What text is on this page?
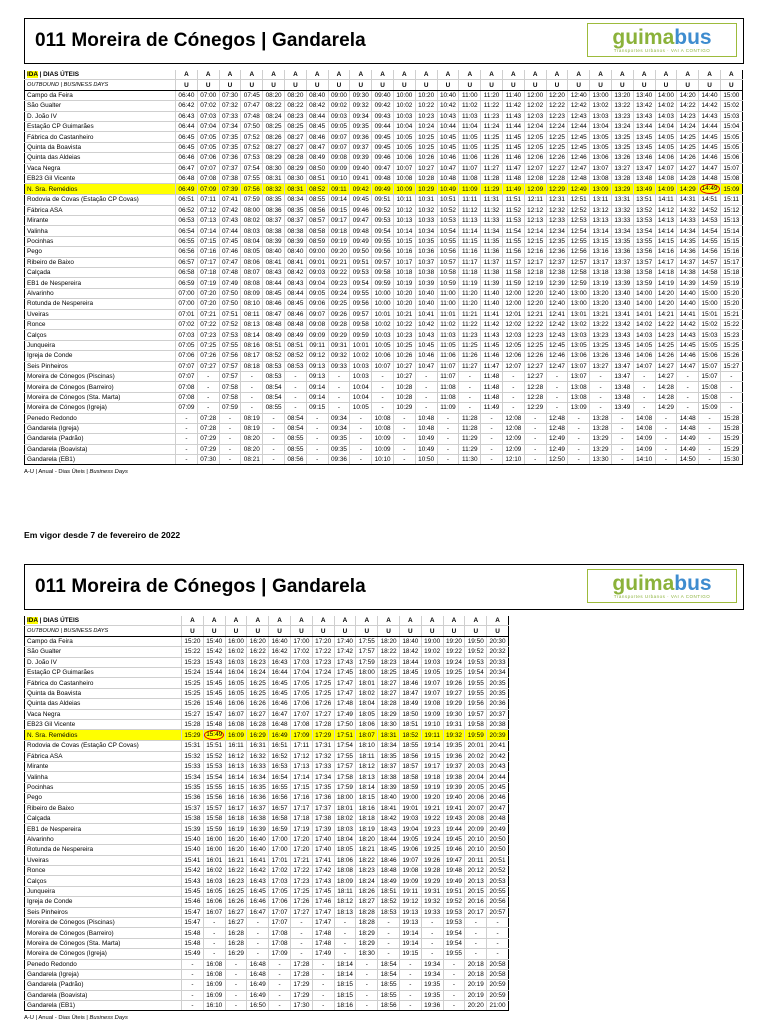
011 Moreira de Cónegos | Gandarela	guimabus
Transportes Urbanos · VAI A CONTIGO
IDA | DIAS ÚTEIS	A	A	A	A	A	A	A	A	A	A	A	A	A	A	A	A	A	A	A	A	A	A	A	A	A	A
OUTBOUND | BUSINESS DAYS	U	U	U	U	U	U	U	U	U	U	U	U	U	U	U	U	U	U	U	U	U	U	U	U	U	U
Campo da Feira	06:40	07:00	07:30	07:45	08:20	08:20	08:40	09:00	09:30	09:40	10:00	10:20	10:40	11:00	11:20	11:40	12:00	12:20	12:40	13:00	13:20	13:40	14:00	14:20	14:40	15:00
São Gualter	06:42	07:02	07:32	07:47	08:22	08:22	08:42	09:02	09:32	09:42	10:02	10:22	10:42	11:02	11:22	11:42	12:02	12:22	12:42	13:02	13:22	13:42	14:02	14:22	14:42	15:02
D. João IV	06:43	07:03	07:33	07:48	08:24	08:23	08:44	09:03	09:34	09:43	10:03	10:23	10:43	11:03	11:23	11:43	12:03	12:23	12:43	13:03	13:23	13:43	14:03	14:23	14:43	15:03
Estação CP Guimarães	06:44	07:04	07:34	07:50	08:25	08:25	08:45	09:05	09:35	09:44	10:04	10:24	10:44	11:04	11:24	11:44	12:04	12:24	12:44	13:04	13:24	13:44	14:04	14:24	14:44	15:04
Fábrica do Castanheiro	06:45	07:05	07:35	07:52	08:26	08:27	08:46	09:07	09:36	09:45	10:05	10:25	10:45	11:05	11:25	11:45	12:05	12:25	12:45	13:05	13:25	13:45	14:05	14:25	14:45	15:05
Quinta da Boavista	06:45	07:05	07:35	07:52	08:27	08:27	08:47	09:07	09:37	09:45	10:05	10:25	10:45	11:05	11:25	11:45	12:05	12:25	12:45	13:05	13:25	13:45	14:05	14:25	14:45	15:05
Quinta das Aldeias	06:46	07:06	07:36	07:53	08:29	08:28	08:49	09:08	09:39	09:46	10:06	10:26	10:46	11:06	11:26	11:46	12:06	12:26	12:46	13:06	13:26	13:46	14:06	14:26	14:46	15:06
Vaca Negra	06:47	07:07	07:37	07:54	08:30	08:29	08:50	09:09	09:40	09:47	10:07	10:27	10:47	11:07	11:27	11:47	12:07	12:27	12:47	13:07	13:27	13:47	14:07	14:27	14:47	15:07
EB23 Gil Vicente	06:48	07:08	07:38	07:55	08:31	08:30	08:51	09:10	09:41	09:48	10:08	10:28	10:48	11:08	11:28	11:48	12:08	12:28	12:48	13:08	13:28	13:48	14:08	14:28	14:48	15:08
N. Sra. Remédios	06:49	07:09	07:39	07:56	08:32	08:31	08:52	09:11	09:42	09:49	10:09	10:29	10:49	11:09	11:29	11:49	12:09	12:29	12:49	13:09	13:29	13:49	14:09	14:29	14:49	15:09
Rodovia de Covas (Estação CP Covas)	06:51	07:11	07:41	07:59	08:35	08:34	08:55	09:14	09:45	09:51	10:11	10:31	10:51	11:11	11:31	11:51	12:11	12:31	12:51	13:11	13:31	13:51	14:11	14:31	14:51	15:11
Fábrica ASA	06:52	07:12	07:42	08:00	08:36	08:35	08:56	09:15	09:46	09:52	10:12	10:32	10:52	11:12	11:32	11:52	12:12	12:32	12:52	13:12	13:32	13:52	14:12	14:32	14:52	15:12
Mirante	06:53	07:13	07:43	08:02	08:37	08:37	08:57	09:17	09:47	09:53	10:13	10:33	10:53	11:13	11:33	11:53	12:13	12:33	12:53	13:13	13:33	13:53	14:13	14:33	14:53	15:13
Valinha	06:54	07:14	07:44	08:03	08:38	08:38	08:58	09:18	09:48	09:54	10:14	10:34	10:54	11:14	11:34	11:54	12:14	12:34	12:54	13:14	13:34	13:54	14:14	14:34	14:54	15:14
Pocinhas	06:55	07:15	07:45	08:04	08:39	08:39	08:59	09:19	09:49	09:55	10:15	10:35	10:55	11:15	11:35	11:55	12:15	12:35	12:55	13:15	13:35	13:55	14:15	14:35	14:55	15:15
Pego	06:56	07:16	07:46	08:05	08:40	08:40	09:00	09:20	09:50	09:56	10:16	10:36	10:56	11:16	11:36	11:56	12:16	12:36	12:56	13:16	13:36	13:56	14:16	14:36	14:56	15:16
Ribeiro de Baixo	06:57	07:17	07:47	08:06	08:41	08:41	09:01	09:21	09:51	09:57	10:17	10:37	10:57	11:17	11:37	11:57	12:17	12:37	12:57	13:17	13:37	13:57	14:17	14:37	14:57	15:17
Calçada	06:58	07:18	07:48	08:07	08:43	08:42	09:03	09:22	09:53	09:58	10:18	10:38	10:58	11:18	11:38	11:58	12:18	12:38	12:58	13:18	13:38	13:58	14:18	14:38	14:58	15:18
EB1 de Nespereira	06:59	07:19	07:49	08:08	08:44	08:43	09:04	09:23	09:54	09:59	10:19	10:39	10:59	11:19	11:39	11:59	12:19	12:39	12:59	13:19	13:39	13:59	14:19	14:39	14:59	15:19
Alvarinho	07:00	07:20	07:50	08:09	08:45	08:44	09:05	09:24	09:55	10:00	10:20	10:40	11:00	11:20	11:40	12:00	12:20	12:40	13:00	13:20	13:40	14:00	14:20	14:40	15:00	15:20
Rotunda de Nespereira	07:00	07:20	07:50	08:10	08:46	08:45	09:06	09:25	09:56	10:00	10:20	10:40	11:00	11:20	11:40	12:00	12:20	12:40	13:00	13:20	13:40	14:00	14:20	14:40	15:00	15:20
Uveiras	07:01	07:21	07:51	08:11	08:47	08:46	09:07	09:26	09:57	10:01	10:21	10:41	11:01	11:21	11:41	12:01	12:21	12:41	13:01	13:21	13:41	14:01	14:21	14:41	15:01	15:21
Ronce	07:02	07:22	07:52	08:13	08:48	08:48	09:08	09:28	09:58	10:02	10:22	10:42	11:02	11:22	11:42	12:02	12:22	12:42	13:02	13:22	13:42	14:02	14:22	14:42	15:02	15:22
Calços	07:03	07:23	07:53	08:14	08:49	08:49	09:09	09:29	09:59	10:03	10:23	10:43	11:03	11:23	11:43	12:03	12:23	12:43	13:03	13:23	13:43	14:03	14:23	14:43	15:03	15:23
Junqueira	07:05	07:25	07:55	08:16	08:51	08:51	09:11	09:31	10:01	10:05	10:25	10:45	11:05	11:25	11:45	12:05	12:25	12:45	13:05	13:25	13:45	14:05	14:25	14:45	15:05	15:25
Igreja de Conde	07:06	07:26	07:56	08:17	08:52	08:52	09:12	09:32	10:02	10:06	10:26	10:46	11:06	11:26	11:46	12:06	12:26	12:46	13:06	13:26	13:46	14:06	14:26	14:46	15:06	15:26
Seis Pinheiros	07:07	07:27	07:57	08:18	08:53	08:53	09:13	09:33	10:03	10:07	10:27	10:47	11:07	11:27	11:47	12:07	12:27	12:47	13:07	13:27	13:47	14:07	14:27	14:47	15:07	15:27
Moreira de Cónegos (Piscinas)	07:07	-	07:57	-	08:53	-	09:13	-	10:03	-	10:27	-	11:07	-	11:48	-	12:27	-	13:07	-	13:47	-	14:27	-	15:07	-
Moreira de Cónegos (Barreiro)	07:08	-	07:58	-	08:54	-	09:14	-	10:04	-	10:28	-	11:08	-	11:48	-	12:28	-	13:08	-	13:48	-	14:28	-	15:08	-
Moreira de Cónegos (Sta. Marta)	07:08	-	07:58	-	08:54	-	09:14	-	10:04	-	10:28	-	11:08	-	11:48	-	12:28	-	13:08	-	13:48	-	14:28	-	15:08	-
Moreira de Cónegos (Igreja)	07:09	-	07:59	-	08:55	-	09:15	-	10:05	-	10:29	-	11:09	-	11:49	-	12:29	-	13:09	-	13:49	-	14:29	-	15:09	-
Penedo Redondo	-	07:28	-	08:19	-	08:54	-	09:34	-	10:08	-	10:48	-	11:28	-	12:08	-	12:48	-	13:28	-	14:08	-	14:48	-	15:28
Gandarela (Igreja)	-	07:28	-	08:19	-	08:54	-	09:34	-	10:08	-	10:48	-	11:28	-	12:08	-	12:48	-	13:28	-	14:08	-	14:48	-	15:28
Gandarela (Padrão)	-	07:29	-	08:20	-	08:55	-	09:35	-	10:09	-	10:49	-	11:29	-	12:09	-	12:49	-	13:29	-	14:09	-	14:49	-	15:29
Gandarela (Boavista)	-	07:29	-	08:20	-	08:55	-	09:35	-	10:09	-	10:49	-	11:29	-	12:09	-	12:49	-	13:29	-	14:09	-	14:49	-	15:29
Gandarela (EB1)	-	07:30	-	08:21	-	08:56	-	09:36	-	10:10	-	10:50	-	11:30	-	12:10	-	12:50	-	13:30	-	14:10	-	14:50	-	15:30
A-U | Anual - Dias Úteis | Business Days
Em vigor desde 7 de fevereiro de 2022
011 Moreira de Cónegos | Gandarela	guimabus
Transportes Urbanos · VAI A CONTIGO
IDA | DIAS ÚTEIS	A	A	A	A	A	A	A	A	A	A	A	A	A	A	A
OUTBOUND | BUSINESS DAYS	U	U	U	U	U	U	U	U	U	U	U	U	U	U	U
Campo da Feira	15:20	15:40	16:00	16:20	16:40	17:00	17:20	17:40	17:55	18:20	18:40	19:00	19:20	19:50	20:30
São Gualter	15:22	15:42	16:02	16:22	16:42	17:02	17:22	17:42	17:57	18:22	18:42	19:02	19:22	19:52	20:32
D. João IV	15:23	15:43	16:03	16:23	16:43	17:03	17:23	17:43	17:59	18:23	18:44	19:03	19:24	19:53	20:33
Estação CP Guimarães	15:24	15:44	16:04	16:24	16:44	17:04	17:24	17:45	18:00	18:25	18:45	19:05	19:25	19:54	20:34
Fábrica do Castanheiro	15:25	15:45	16:05	16:25	16:45	17:05	17:25	17:47	18:01	18:27	18:46	19:07	19:26	19:55	20:35
Quinta da Boavista	15:25	15:45	16:05	16:25	16:45	17:05	17:25	17:47	18:02	18:27	18:47	19:07	19:27	19:55	20:35
Quinta das Aldeias	15:26	15:46	16:06	16:26	16:46	17:06	17:26	17:48	18:04	18:28	18:49	19:08	19:29	19:56	20:36
Vaca Negra	15:27	15:47	16:07	16:27	16:47	17:07	17:27	17:49	18:05	18:29	18:50	19:09	19:30	19:57	20:37
EB23 Gil Vicente	15:28	15:48	16:08	16:28	16:48	17:08	17:28	17:50	18:06	18:30	18:51	19:10	19:31	19:58	20:38
N. Sra. Remédios	15:29	15:49	16:09	16:29	16:49	17:09	17:29	17:51	18:07	18:31	18:52	19:11	19:32	19:59	20:39
Rodovia de Covas (Estação CP Covas)	15:31	15:51	16:11	16:31	16:51	17:11	17:31	17:54	18:10	18:34	18:55	19:14	19:35	20:01	20:41
Fábrica ASA	15:32	15:52	16:12	16:32	16:52	17:12	17:32	17:55	18:11	18:35	18:56	19:15	19:36	20:02	20:42
Mirante	15:33	15:53	16:13	16:33	16:53	17:13	17:33	17:57	18:12	18:37	18:57	19:17	19:37	20:03	20:43
Valinha	15:34	15:54	16:14	16:34	16:54	17:14	17:34	17:58	18:13	18:38	18:58	19:18	19:38	20:04	20:44
Pocinhas	15:35	15:55	16:15	16:35	16:55	17:15	17:35	17:59	18:14	18:39	18:59	19:19	19:39	20:05	20:45
Pego	15:36	15:56	16:16	16:36	16:56	17:16	17:36	18:00	18:15	18:40	19:00	19:20	19:40	20:06	20:46
Ribeiro de Baixo	15:37	15:57	16:17	16:37	16:57	17:17	17:37	18:01	18:16	18:41	19:01	19:21	19:41	20:07	20:47
Calçada	15:38	15:58	16:18	16:38	16:58	17:18	17:38	18:02	18:18	18:42	19:03	19:22	19:43	20:08	20:48
EB1 de Nespereira	15:39	15:59	16:19	16:39	16:59	17:19	17:39	18:03	18:19	18:43	19:04	19:23	19:44	20:09	20:49
Alvarinho	15:40	16:00	16:20	16:40	17:00	17:20	17:40	18:04	18:20	18:44	19:05	19:24	19:45	20:10	20:50
Rotunda de Nespereira	15:40	16:00	16:20	16:40	17:00	17:20	17:40	18:05	18:21	18:45	19:06	19:25	19:46	20:10	20:50
Uveiras	15:41	16:01	16:21	16:41	17:01	17:21	17:41	18:06	18:22	18:46	19:07	19:26	19:47	20:11	20:51
Ronce	15:42	16:02	16:22	16:42	17:02	17:22	17:42	18:08	18:23	18:48	19:08	19:28	19:48	20:12	20:52
Calços	15:43	16:03	16:23	16:43	17:03	17:23	17:43	18:09	18:24	18:49	19:09	19:29	19:49	20:13	20:53
Junqueira	15:45	16:05	16:25	16:45	17:05	17:25	17:45	18:11	18:26	18:51	19:11	19:31	19:51	20:15	20:55
Igreja de Conde	15:46	16:06	16:26	16:46	17:06	17:26	17:46	18:12	18:27	18:52	19:12	19:32	19:52	20:16	20:56
Seis Pinheiros	15:47	16:07	16:27	16:47	17:07	17:27	17:47	18:13	18:28	18:53	19:13	19:33	19:53	20:17	20:57
Moreira de Cónegos (Piscinas)	15:47	-	16:27	-	17:07	-	17:47	-	18:28	-	19:13	-	19:53	-	-
Moreira de Cónegos (Barreiro)	15:48	-	16:28	-	17:08	-	17:48	-	18:29	-	19:14	-	19:54	-	-
Moreira de Cónegos (Sta. Marta)	15:48	-	16:28	-	17:08	-	17:48	-	18:29	-	19:14	-	19:54	-	-
Moreira de Cónegos (Igreja)	15:49	-	16:29	-	17:09	-	17:49	-	18:30	-	19:15	-	19:55	-	-
Penedo Redondo	-	16:08	-	16:48	-	17:28	-	18:14	-	18:54	-	19:34	-	20:18	20:58
Gandarela (Igreja)	-	16:08	-	16:48	-	17:28	-	18:14	-	18:54	-	19:34	-	20:18	20:58
Gandarela (Padrão)	-	16:09	-	16:49	-	17:29	-	18:15	-	18:55	-	19:35	-	20:19	20:59
Gandarela (Boavista)	-	16:09	-	16:49	-	17:29	-	18:15	-	18:55	-	19:35	-	20:19	20:59
Gandarela (EB1)	-	16:10	-	16:50	-	17:30	-	18:16	-	18:56	-	19:36	-	20:20	21:00
A-U | Anual - Dias Úteis | Business Days
